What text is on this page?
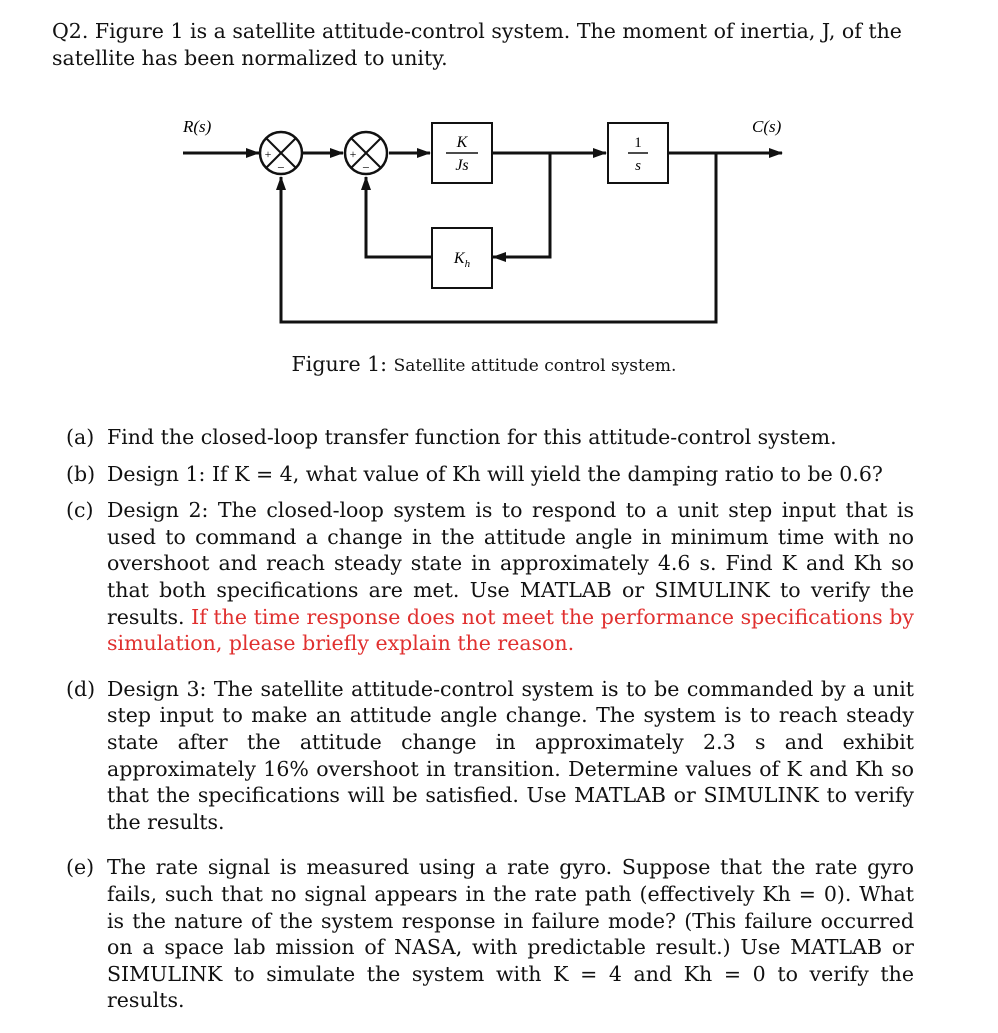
Q2. Figure 1 is a satellite attitude-control system. The moment of inertia, J, of the
satellite has been normalized to unity.
+
−
+
−
K
Js
1
s
$K_h$
R(s)	C(s)
Figure 1: Satellite attitude control system.
(a) Find the closed-loop transfer function for this attitude-control system.
(b) Design 1: If K = 4, what value of Kh will yield the damping ratio to be 0.6?
(c) Design 2: The closed-loop system is to respond to a unit step input that is used to command a change in the attitude angle in minimum time with no overshoot and reach steady state in approximately 4.6 s. Find K and Kh so that both specifications are met. Use MATLAB or SIMULINK to verify the results. If the time response does not meet the performance specifications by simulation, please briefly explain the reason.
(d) Design 3: The satellite attitude-control system is to be commanded by a unit step input to make an attitude angle change. The system is to reach steady state after the attitude change in approximately 2.3 s and exhibit approximately 16% overshoot in transition. Determine values of K and Kh so that the specifications will be satisfied. Use MATLAB or SIMULINK to verify the results.
(e) The rate signal is measured using a rate gyro. Suppose that the rate gyro fails, such that no signal appears in the rate path (effectively Kh = 0). What is the nature of the system response in failure mode? (This failure occurred on a space lab mission of NASA, with predictable result.) Use MATLAB or SIMULINK to simulate the system with K = 4 and Kh = 0 to verify the results.
